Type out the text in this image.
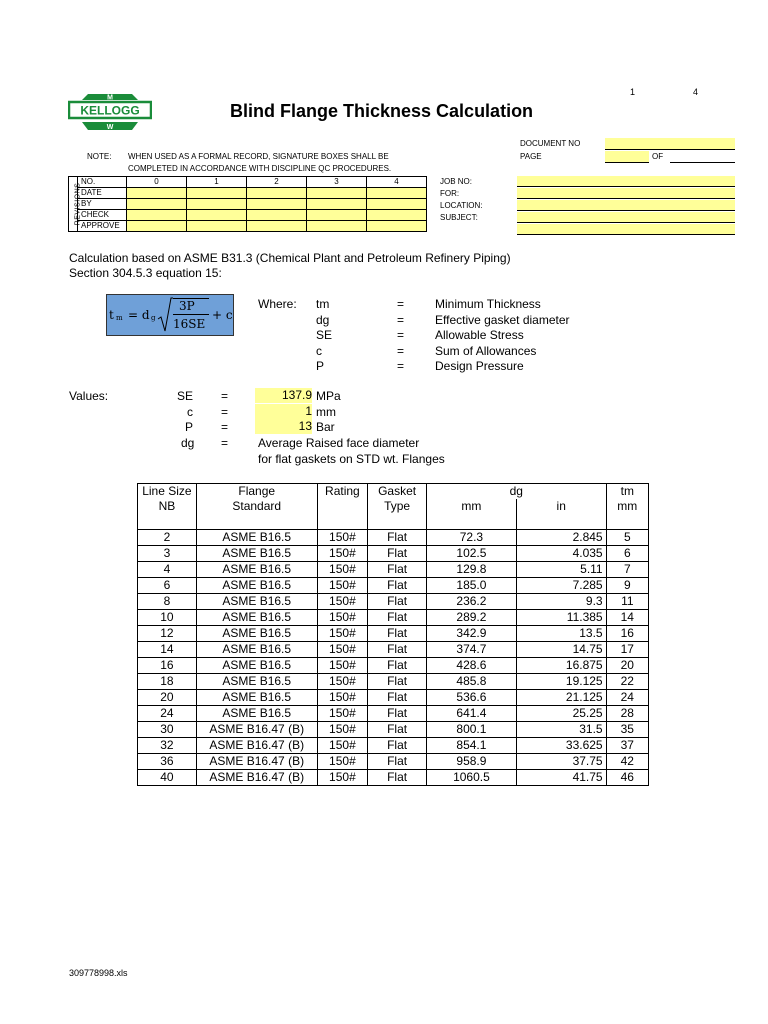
M
KELLOGG
W
Blind Flange Thickness Calculation
1	4
DOCUMENT NO
PAGE	OF
NOTE: WHEN USED AS A FORMAL RECORD, SIGNATURE BOXES SHALL BE
COMPLETED IN ACCORDANCE WITH DISCIPLINE QC PROCEDURES.
REVISIONS	NO.	0	1	2	3	4
	DATE					
	BY					
	CHECK					
	APPROVE					
JOB NO:
FOR:
LOCATION:
SUBJECT:
Calculation based on ASME B31.3 (Chemical Plant and Petroleum Refinery Piping)
Section 304.5.3 equation 15:
t m = d g
3P
16SE
+ c
Where: tm	=	Minimum Thickness
dg	=	Effective gasket diameter
SE	=	Allowable Stress
c	=	Sum of Allowances
P	=	Design Pressure
Values:	SE =	137.9 MPa
c =	1 mm
P =	13 Bar
dg = Average Raised face diameter
for flat gaskets on STD wt. Flanges
Line Size	Flange	Rating	Gasket	dg		tm
NB	Standard		Type	mm	in	mm

2	ASME B16.5	150#	Flat	72.3	2.845	5
3	ASME B16.5	150#	Flat	102.5	4.035	6
4	ASME B16.5	150#	Flat	129.8	5.11	7
6	ASME B16.5	150#	Flat	185.0	7.285	9
8	ASME B16.5	150#	Flat	236.2	9.3	11
10	ASME B16.5	150#	Flat	289.2	11.385	14
12	ASME B16.5	150#	Flat	342.9	13.5	16
14	ASME B16.5	150#	Flat	374.7	14.75	17
16	ASME B16.5	150#	Flat	428.6	16.875	20
18	ASME B16.5	150#	Flat	485.8	19.125	22
20	ASME B16.5	150#	Flat	536.6	21.125	24
24	ASME B16.5	150#	Flat	641.4	25.25	28
30	ASME B16.47 (B)	150#	Flat	800.1	31.5	35
32	ASME B16.47 (B)	150#	Flat	854.1	33.625	37
36	ASME B16.47 (B)	150#	Flat	958.9	37.75	42
40	ASME B16.47 (B)	150#	Flat	1060.5	41.75	46
309778998.xls
